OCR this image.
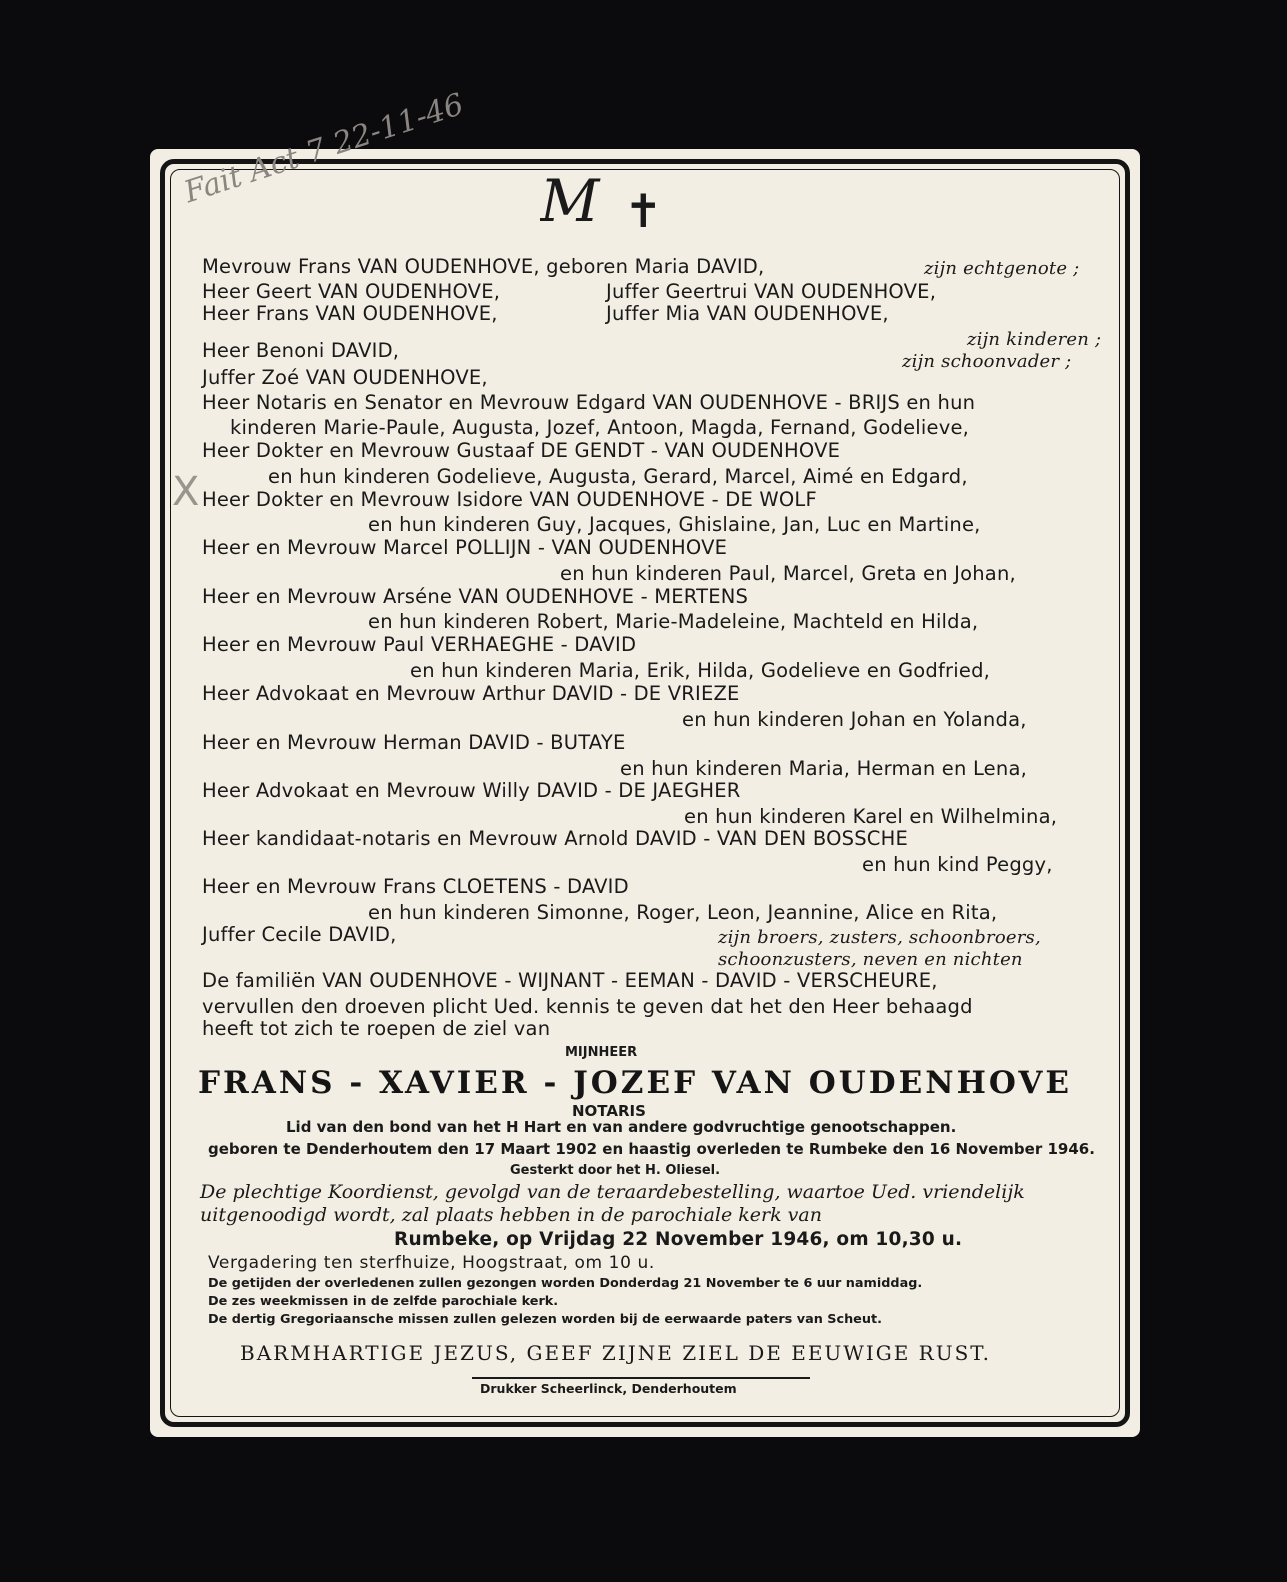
Fait Act 7 22-11-46
X
M ✝
Mevrouw Frans VAN OUDENHOVE, geboren Maria DAVID,	zijn echtgenote ;
Heer Geert VAN OUDENHOVE,	Juffer Geertrui VAN OUDENHOVE,
Heer Frans VAN OUDENHOVE,	Juffer Mia VAN OUDENHOVE,
zijn kinderen ;
Heer Benoni DAVID,	zijn schoonvader ;
Juffer Zoé VAN OUDENHOVE,
Heer Notaris en Senator en Mevrouw Edgard VAN OUDENHOVE - BRIJS en hun
kinderen Marie-Paule, Augusta, Jozef, Antoon, Magda, Fernand, Godelieve,
Heer Dokter en Mevrouw Gustaaf DE GENDT - VAN OUDENHOVE
en hun kinderen Godelieve, Augusta, Gerard, Marcel, Aimé en Edgard,
Heer Dokter en Mevrouw Isidore VAN OUDENHOVE - DE WOLF
en hun kinderen Guy, Jacques, Ghislaine, Jan, Luc en Martine,
Heer en Mevrouw Marcel POLLIJN - VAN OUDENHOVE
en hun kinderen Paul, Marcel, Greta en Johan,
Heer en Mevrouw Arséne VAN OUDENHOVE - MERTENS
en hun kinderen Robert, Marie-Madeleine, Machteld en Hilda,
Heer en Mevrouw Paul VERHAEGHE - DAVID
en hun kinderen Maria, Erik, Hilda, Godelieve en Godfried,
Heer Advokaat en Mevrouw Arthur DAVID - DE VRIEZE
en hun kinderen Johan en Yolanda,
Heer en Mevrouw Herman DAVID - BUTAYE
en hun kinderen Maria, Herman en Lena,
Heer Advokaat en Mevrouw Willy DAVID - DE JAEGHER
en hun kinderen Karel en Wilhelmina,
Heer kandidaat-notaris en Mevrouw Arnold DAVID - VAN DEN BOSSCHE
en hun kind Peggy,
Heer en Mevrouw Frans CLOETENS - DAVID
en hun kinderen Simonne, Roger, Leon, Jeannine, Alice en Rita,
Juffer Cecile DAVID,	zijn broers, zusters, schoonbroers,
schoonzusters, neven en nichten
De familiën VAN OUDENHOVE - WIJNANT - EEMAN - DAVID - VERSCHEURE,
vervullen den droeven plicht Ued. kennis te geven dat het den Heer behaagd
heeft tot zich te roepen de ziel van
MIJNHEER
FRANS - XAVIER - JOZEF VAN OUDENHOVE
NOTARIS
Lid van den bond van het H Hart en van andere godvruchtige genootschappen.
geboren te Denderhoutem den 17 Maart 1902 en haastig overleden te Rumbeke den 16 November 1946.
Gesterkt door het H. Oliesel.
De plechtige Koordienst, gevolgd van de teraardebestelling, waartoe Ued. vriendelijk
uitgenoodigd wordt, zal plaats hebben in de parochiale kerk van
Rumbeke, op Vrijdag 22 November 1946, om 10,30 u.
Vergadering ten sterfhuize, Hoogstraat, om 10 u.
De getijden der overledenen zullen gezongen worden Donderdag 21 November te 6 uur namiddag.
De zes weekmissen in de zelfde parochiale kerk.
De dertig Gregoriaansche missen zullen gelezen worden bij de eerwaarde paters van Scheut.
BARMHARTIGE JEZUS, GEEF ZIJNE ZIEL DE EEUWIGE RUST.
Drukker Scheerlinck, Denderhoutem
